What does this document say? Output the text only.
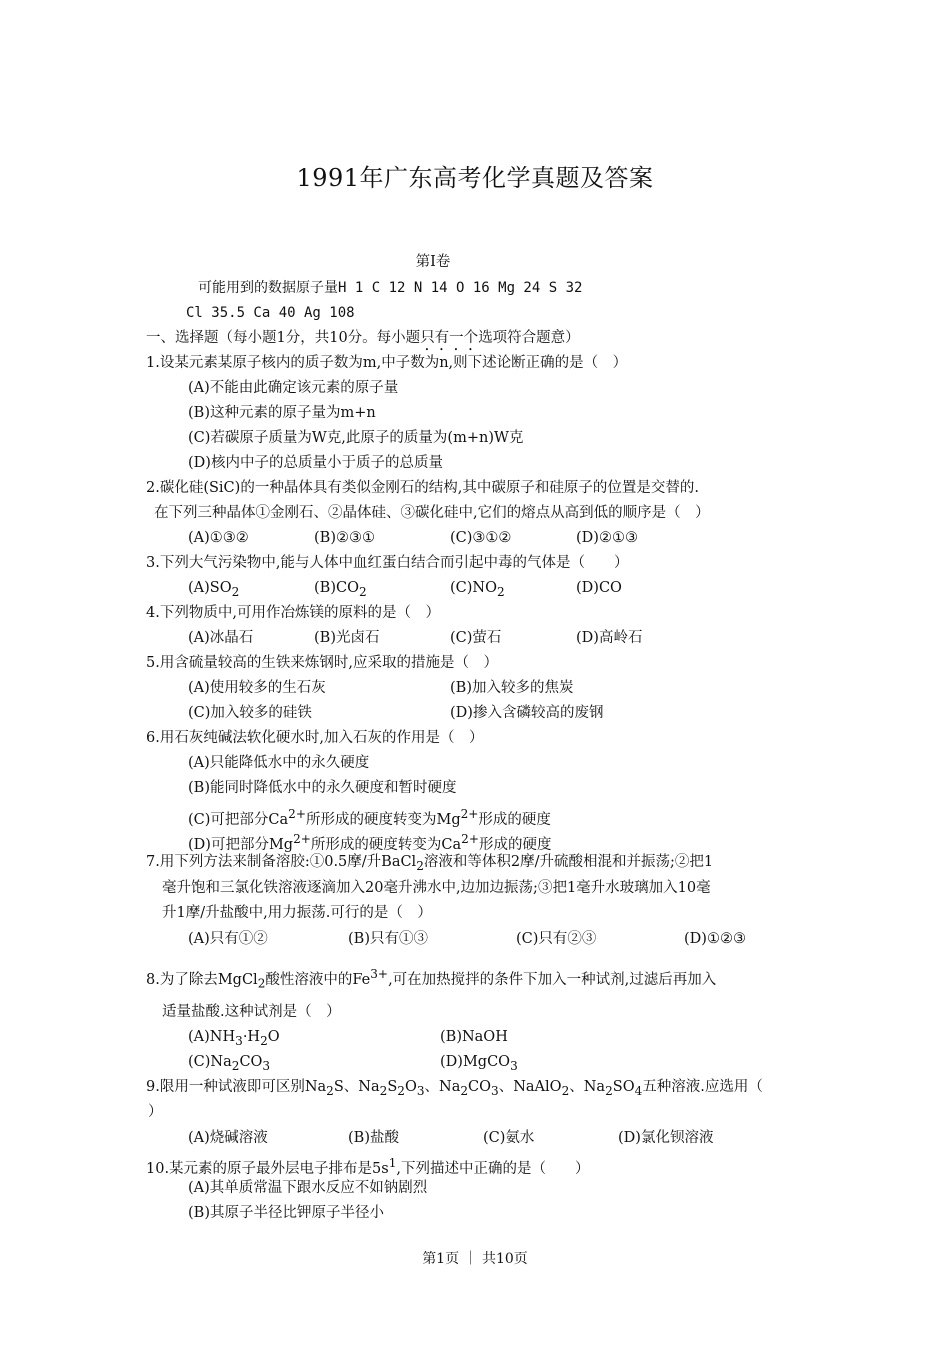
1991年广东高考化学真题及答案
第Ⅰ卷
可能用到的数据原子量H 1 C 12 N 14 O 16 Mg 24 S 32
Cl 35.5 Ca 40 Ag 108
一、选择题（每小题1分，共10分。每小题只有一个选项符合题意）
1.设某元素某原子核内的质子数为m,中子数为n,则下述论断正确的是（　）
(A)不能由此确定该元素的原子量
(B)这种元素的原子量为m+n
(C)若碳原子质量为W克,此原子的质量为(m+n)W克
(D)核内中子的总质量小于质子的总质量
2.碳化硅(SiC)的一种晶体具有类似金刚石的结构,其中碳原子和硅原子的位置是交替的.
在下列三种晶体①金刚石、②晶体硅、③碳化硅中,它们的熔点从高到低的顺序是（　）
(A)①③②	(B)②③①	(C)③①②	(D)②①③
3.下列大气污染物中,能与人体中血红蛋白结合而引起中毒的气体是（　　）
$(A)SO_2$	$(B)CO_2$	$(C)NO_2$	(D)CO
4.下列物质中,可用作冶炼镁的原料的是（　）
(A)冰晶石	(B)光卤石	(C)萤石	(D)高岭石
5.用含硫量较高的生铁来炼钢时,应采取的措施是（　）
(A)使用较多的生石灰	(B)加入较多的焦炭
(C)加入较多的硅铁	(D)掺入含磷较高的废钢
6.用石灰纯碱法软化硬水时,加入石灰的作用是（　）
(A)只能降低水中的永久硬度
(B)能同时降低水中的永久硬度和暂时硬度
(C)可把部分$Ca^{2+}$所形成的硬度转变为$Mg^{2+}$形成的硬度
(D)可把部分$Mg^{2+}$所形成的硬度转变为$Ca^{2+}$形成的硬度
7.用下列方法来制备溶胶:①0.5摩/升BaCl$_2$溶液和等体积2摩/升硫酸相混和并振荡;②把1
毫升饱和三氯化铁溶液逐滴加入20毫升沸水中,边加边振荡;③把1毫升水玻璃加入10毫
升1摩/升盐酸中,用力振荡.可行的是（　）
(A)只有①②	(B)只有①③	(C)只有②③	(D)①②③
8.为了除去MgCl$_2$酸性溶液中的$Fe^{3+}$,可在加热搅拌的条件下加入一种试剂,过滤后再加入
适量盐酸.这种试剂是（　）
$(A)NH_3\cdot H_2O$	(B)NaOH
$(C)Na_2CO_3$	(D)MgCO$_3$
9.限用一种试液即可区别$Na_2S$、$Na_2S_2O_3$、$Na_2CO_3$、NaAlO$_2$、$Na_2SO_4$五种溶液.应选用（
）
(A)烧碱溶液	(B)盐酸	(C)氨水	(D)氯化钡溶液
10.某元素的原子最外层电子排布是$5s^1$,下列描述中正确的是（　　）
(A)其单质常温下跟水反应不如钠剧烈
(B)其原子半径比钾原子半径小
第1页 ｜ 共10页
